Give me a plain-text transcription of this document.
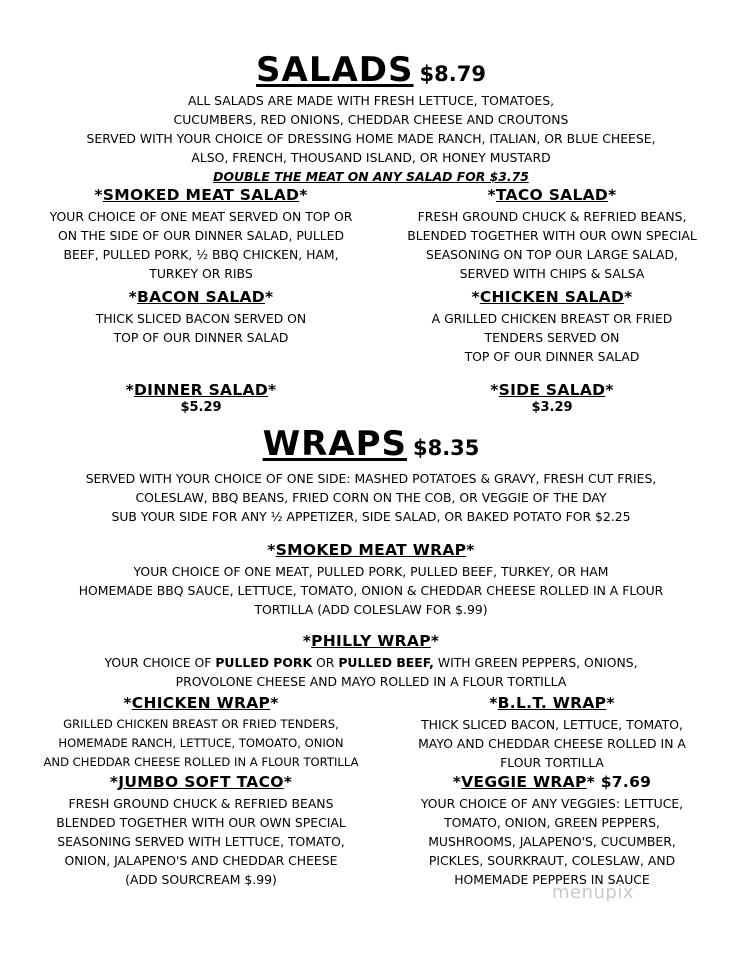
SALADS $8.79
ALL SALADS ARE MADE WITH FRESH LETTUCE, TOMATOES,
CUCUMBERS, RED ONIONS, CHEDDAR CHEESE AND CROUTONS
SERVED WITH YOUR CHOICE OF DRESSING HOME MADE RANCH, ITALIAN, OR BLUE CHEESE,
ALSO, FRENCH, THOUSAND ISLAND, OR HONEY MUSTARD
DOUBLE THE MEAT ON ANY SALAD FOR $3.75
*SMOKED MEAT SALAD*
YOUR CHOICE OF ONE MEAT SERVED ON TOP OR
ON THE SIDE OF OUR DINNER SALAD, PULLED
BEEF, PULLED PORK, ½ BBQ CHICKEN, HAM,
TURKEY OR RIBS
*TACO SALAD*
FRESH GROUND CHUCK & REFRIED BEANS,
BLENDED TOGETHER WITH OUR OWN SPECIAL
SEASONING ON TOP OUR LARGE SALAD,
SERVED WITH CHIPS & SALSA
*BACON SALAD*
THICK SLICED BACON SERVED ON
TOP OF OUR DINNER SALAD
*CHICKEN SALAD*
A GRILLED CHICKEN BREAST OR FRIED
TENDERS SERVED ON
TOP OF OUR DINNER SALAD
*DINNER SALAD*
$5.29
*SIDE SALAD*
$3.29
WRAPS $8.35
SERVED WITH YOUR CHOICE OF ONE SIDE: MASHED POTATOES & GRAVY, FRESH CUT FRIES,
COLESLAW, BBQ BEANS, FRIED CORN ON THE COB, OR VEGGIE OF THE DAY
SUB YOUR SIDE FOR ANY ½ APPETIZER, SIDE SALAD, OR BAKED POTATO FOR $2.25
*SMOKED MEAT WRAP*
YOUR CHOICE OF ONE MEAT, PULLED PORK, PULLED BEEF, TURKEY, OR HAM
HOMEMADE BBQ SAUCE, LETTUCE, TOMATO, ONION & CHEDDAR CHEESE ROLLED IN A FLOUR
TORTILLA (ADD COLESLAW FOR $.99)
*PHILLY WRAP*
YOUR CHOICE OF PULLED PORK OR PULLED BEEF, WITH GREEN PEPPERS, ONIONS,
PROVOLONE CHEESE AND MAYO ROLLED IN A FLOUR TORTILLA
*CHICKEN WRAP*
GRILLED CHICKEN BREAST OR FRIED TENDERS,
HOMEMADE RANCH, LETTUCE, TOMOATO, ONION
AND CHEDDAR CHEESE ROLLED IN A FLOUR TORTILLA
*B.L.T. WRAP*
THICK SLICED BACON, LETTUCE, TOMATO,
MAYO AND CHEDDAR CHEESE ROLLED IN A
FLOUR TORTILLA
*JUMBO SOFT TACO*
FRESH GROUND CHUCK & REFRIED BEANS
BLENDED TOGETHER WITH OUR OWN SPECIAL
SEASONING SERVED WITH LETTUCE, TOMATO,
ONION, JALAPENO'S AND CHEDDAR CHEESE
(ADD SOURCREAM $.99)
*VEGGIE WRAP* $7.69
YOUR CHOICE OF ANY VEGGIES: LETTUCE,
TOMATO, ONION, GREEN PEPPERS,
MUSHROOMS, JALAPENO'S, CUCUMBER,
PICKLES, SOURKRAUT, COLESLAW, AND
HOMEMADE PEPPERS IN SAUCE
menupix
